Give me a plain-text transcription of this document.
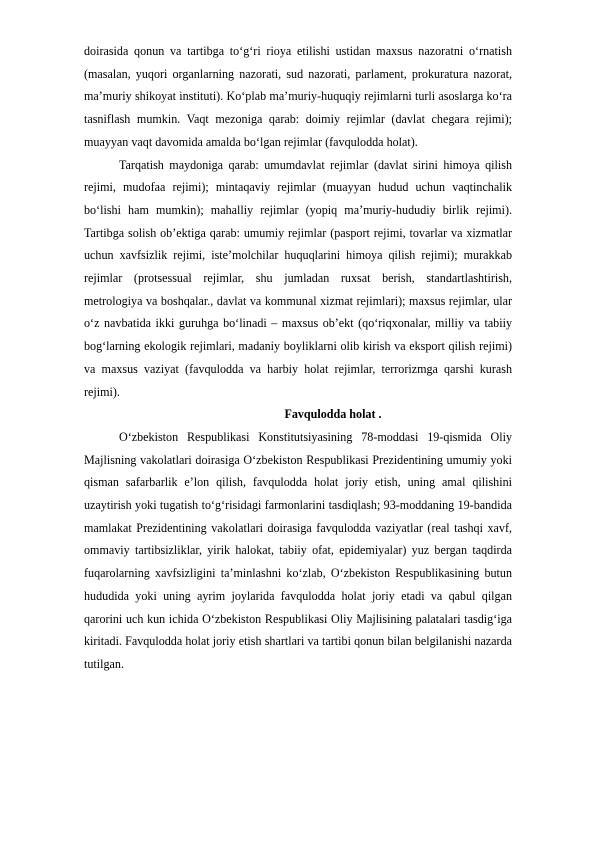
doirasida qonun va tartibga to‘g‘ri rioya etilishi ustidan maxsus nazoratni o‘rnatish (masalan, yuqori organlarning nazorati, sud nazorati, parlament, prokuratura nazorat, ma’muriy shikoyat instituti). Ko‘plab ma’muriy-huquqiy rejimlarni turli asoslarga ko‘ra tasniflash mumkin. Vaqt mezoniga qarab: doimiy rejimlar (davlat chegara rejimi); muayyan vaqt davomida amalda bo‘lgan rejimlar (favqulodda holat).

Tarqatish maydoniga qarab: umumdavlat rejimlar (davlat sirini himoya qilish rejimi, mudofaa rejimi); mintaqaviy rejimlar (muayyan hudud uchun vaqtinchalik bo‘lishi ham mumkin); mahalliy rejimlar (yopiq ma’muriy-hududiy birlik rejimi). Tartibga solish ob’ektiga qarab: umumiy rejimlar (pasport rejimi, tovarlar va xizmatlar uchun xavfsizlik rejimi, iste’molchilar huquqlarini himoya qilish rejimi); murakkab rejimlar (protsessual rejimlar, shu jumladan ruxsat berish, standartlashtirish, metrologiya va boshqalar., davlat va kommunal xizmat rejimlari); maxsus rejimlar, ular o‘z navbatida ikki guruhga bo‘linadi – maxsus ob’ekt (qo‘riqxonalar, milliy va tabiiy bog‘larning ekologik rejimlari, madaniy boyliklarni olib kirish va eksport qilish rejimi) va maxsus vaziyat (favqulodda va harbiy holat rejimlar, terrorizmga qarshi kurash rejimi).

Favqulodda holat .

O‘zbekiston Respublikasi Konstitutsiyasining 78-moddasi 19-qismida Oliy Majlisning vakolatlari doirasiga O‘zbekiston Respublikasi Prezidentining umumiy yoki qisman safarbarlik e’lon qilish, favqulodda holat joriy etish, uning amal qilishini uzaytirish yoki tugatish to‘g‘risidagi farmonlarini tasdiqlash; 93-moddaning 19-bandida mamlakat Prezidentining vakolatlari doirasiga favqulodda vaziyatlar (real tashqi xavf, ommaviy tartibsizliklar, yirik halokat, tabiiy ofat, epidemiyalar) yuz bergan taqdirda fuqarolarning xavfsizligini ta’minlashni ko‘zlab, O‘zbekiston Respublikasining butun hududida yoki uning ayrim joylarida favqulodda holat joriy etadi va qabul qilgan qarorini uch kun ichida O‘zbekiston Respublikasi Oliy Majlisining palatalari tasdig‘iga kiritadi. Favqulodda holat joriy etish shartlari va tartibi qonun bilan belgilanishi nazarda tutilgan.
